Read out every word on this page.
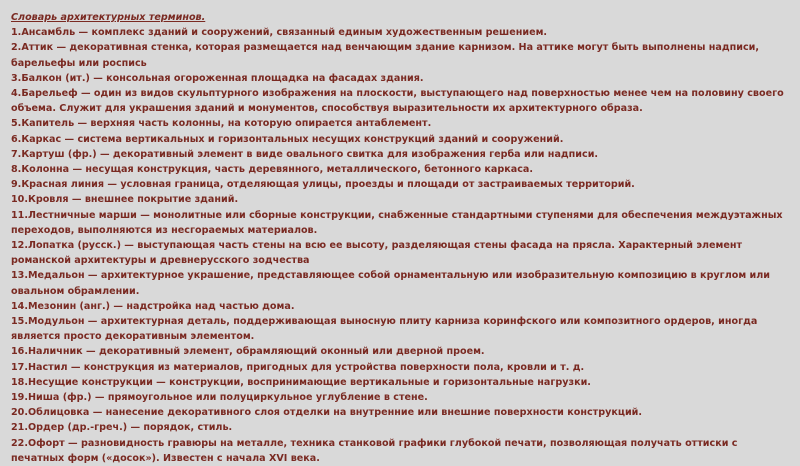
Словарь архитектурных терминов.

1.Ансамбль — комплекс зданий и сооружений, связанный единым художественным решением.

2.Аттик — декоративная стенка, которая размещается над венчающим здание карнизом. На аттике могут быть выполнены надписи, барельефы или роспись

3.Балкон (ит.) — консольная огороженная площадка на фасадах здания.

4.Барельеф — один из видов скульптурного изображения на плоскости, выступающего над поверхностью менее чем на половину своего объема. Служит для украшения зданий и монументов, способствуя выразительности их архитектурного образа.

5.Капитель — верхняя часть колонны, на которую опирается антаблемент.

6.Каркас — система вертикальных и горизонтальных несущих конструкций зданий и сооружений.

7.Картуш (фр.) — декоративный элемент в виде овального свитка для изображения герба или надписи.

8.Колонна — несущая конструкция, часть деревянного, металлического, бетонного каркаса.

9.Красная линия — условная граница, отделяющая улицы, проезды и площади от застраиваемых территорий.

10.Кровля — внешнее покрытие зданий.

11.Лестничные марши — монолитные или сборные конструкции, снабженные стандартными ступенями для обеспечения междуэтажных переходов, выполняются из несгораемых материалов.

12.Лопатка (русск.) — выступающая часть стены на всю ее высоту, разделяющая стены фасада на прясла. Характерный элемент романской архитектуры и древнерусского зодчества

13.Медальон — архитектурное украшение, представляющее собой орнаментальную или изобразительную композицию в круглом или овальном обрамлении.

14.Мезонин (анг.) — надстройка над частью дома.

15.Модульон — архитектурная деталь, поддерживающая выносную плиту карниза коринфского или композитного ордеров, иногда является просто декоративным элементом.

16.Наличник — декоративный элемент, обрамляющий оконный или дверной проем.

17.Настил — конструкция из материалов, пригодных для устройства поверхности пола, кровли и т. д.

18.Несущие конструкции — конструкции, воспринимающие вертикальные и горизонтальные нагрузки.

19.Ниша (фр.) — прямоугольное или полуциркульное углубление в стене.

20.Облицовка — нанесение декоративного слоя отделки на внутренние или внешние поверхности конструкций.

21.Ордер (др.-греч.) — порядок, стиль.

22.Офорт — разновидность гравюры на металле, техника станковой графики глубокой печати, позволяющая получать оттиски с печатных форм («досок»). Известен с начала XVI века.
